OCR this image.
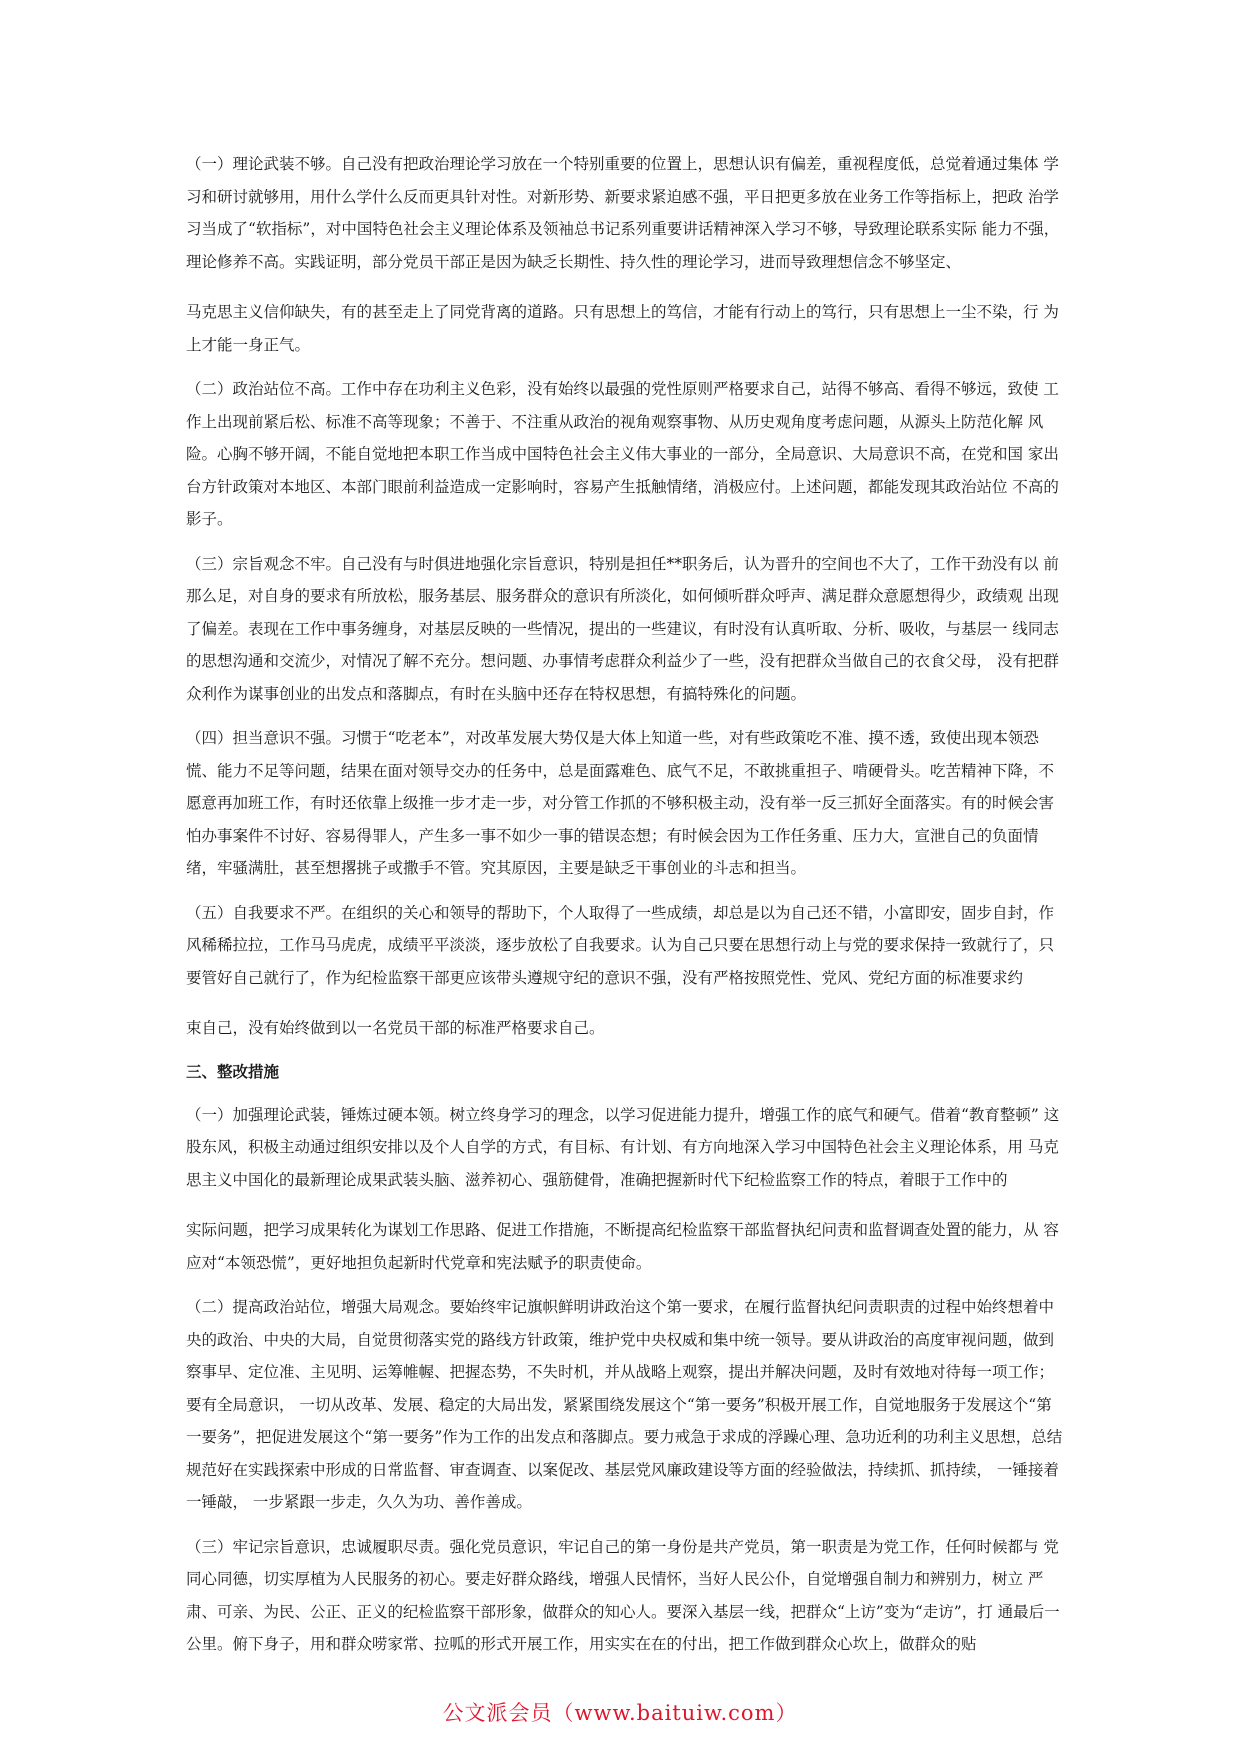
（一）理论武装不够。自己没有把政治理论学习放在一个特别重要的位置上，思想认识有偏差，重视程度低，总觉着通过集体 学习和研讨就够用，用什么学什么反而更具针对性。对新形势、新要求紧迫感不强，平日把更多放在业务工作等指标上，把政 治学习当成了“软指标”，对中国特色社会主义理论体系及领袖总书记系列重要讲话精神深入学习不够，导致理论联系实际 能力不强，理论修养不高。实践证明，部分党员干部正是因为缺乏长期性、持久性的理论学习，进而导致理想信念不够坚定、

马克思主义信仰缺失，有的甚至走上了同党背离的道路。只有思想上的笃信，才能有行动上的笃行，只有思想上一尘不染，行 为上才能一身正气。

（二）政治站位不高。工作中存在功利主义色彩，没有始终以最强的党性原则严格要求自己，站得不够高、看得不够远，致使 工作上出现前紧后松、标准不高等现象；不善于、不注重从政治的视角观察事物、从历史观角度考虑问题，从源头上防范化解 风险。心胸不够开阔，不能自觉地把本职工作当成中国特色社会主义伟大事业的一部分，全局意识、大局意识不高，在党和国 家出台方针政策对本地区、本部门眼前利益造成一定影响时，容易产生抵触情绪，消极应付。上述问题，都能发现其政治站位 不高的影子。

（三）宗旨观念不牢。自己没有与时俱进地强化宗旨意识，特别是担任**职务后，认为晋升的空间也不大了，工作干劲没有以 前那么足，对自身的要求有所放松，服务基层、服务群众的意识有所淡化，如何倾听群众呼声、满足群众意愿想得少，政绩观 出现了偏差。表现在工作中事务缠身，对基层反映的一些情况，提出的一些建议，有时没有认真听取、分析、吸收，与基层一 线同志的思想沟通和交流少，对情况了解不充分。想问题、办事情考虑群众利益少了一些，没有把群众当做自己的衣食父母， 没有把群众利作为谋事创业的出发点和落脚点，有时在头脑中还存在特权思想，有搞特殊化的问题。

（四）担当意识不强。习惯于“吃老本”，对改革发展大势仅是大体上知道一些，对有些政策吃不准、摸不透，致使出现本领恐慌、能力不足等问题，结果在面对领导交办的任务中，总是面露难色、底气不足，不敢挑重担子、啃硬骨头。吃苦精神下降，不愿意再加班工作，有时还依靠上级推一步才走一步，对分管工作抓的不够积极主动，没有举一反三抓好全面落实。有的时候会害怕办事案件不讨好、容易得罪人，产生多一事不如少一事的错误态想；有时候会因为工作任务重、压力大，宣泄自己的负面情绪，牢骚满肚，甚至想撂挑子或撒手不管。究其原因，主要是缺乏干事创业的斗志和担当。

（五）自我要求不严。在组织的关心和领导的帮助下，个人取得了一些成绩，却总是以为自己还不错，小富即安，固步自封，作风稀稀拉拉，工作马马虎虎，成绩平平淡淡，逐步放松了自我要求。认为自己只要在思想行动上与党的要求保持一致就行了，只要管好自己就行了，作为纪检监察干部更应该带头遵规守纪的意识不强，没有严格按照党性、党风、党纪方面的标准要求约

束自己，没有始终做到以一名党员干部的标准严格要求自己。

三、整改措施

（一）加强理论武装，锤炼过硬本领。树立终身学习的理念，以学习促进能力提升，增强工作的底气和硬气。借着“教育整顿” 这股东风，积极主动通过组织安排以及个人自学的方式，有目标、有计划、有方向地深入学习中国特色社会主义理论体系，用 马克思主义中国化的最新理论成果武装头脑、滋养初心、强筋健骨，准确把握新时代下纪检监察工作的特点，着眼于工作中的

实际问题，把学习成果转化为谋划工作思路、促进工作措施，不断提高纪检监察干部监督执纪问责和监督调查处置的能力，从 容应对“本领恐慌”，更好地担负起新时代党章和宪法赋予的职责使命。

（二）提高政治站位，增强大局观念。要始终牢记旗帜鲜明讲政治这个第一要求，在履行监督执纪问责职责的过程中始终想着中央的政治、中央的大局，自觉贯彻落实党的路线方针政策，维护党中央权威和集中统一领导。要从讲政治的高度审视问题，做到察事早、定位准、主见明、运筹帷幄、把握态势，不失时机，并从战略上观察，提出并解决问题，及时有效地对待每一项工作；要有全局意识， 一切从改革、发展、稳定的大局出发，紧紧围绕发展这个“第一要务”积极开展工作，自觉地服务于发展这个“第一要务”，把促进发展这个“第一要务”作为工作的出发点和落脚点。要力戒急于求成的浮躁心理、急功近利的功利主义思想，总结规范好在实践探索中形成的日常监督、审查调查、以案促改、基层党风廉政建设等方面的经验做法，持续抓、抓持续， 一锤接着一锤敲， 一步紧跟一步走，久久为功、善作善成。

（三）牢记宗旨意识，忠诚履职尽责。强化党员意识，牢记自己的第一身份是共产党员，第一职责是为党工作，任何时候都与 党同心同德，切实厚植为人民服务的初心。要走好群众路线，增强人民情怀，当好人民公仆，自觉增强自制力和辨别力，树立 严肃、可亲、为民、公正、正义的纪检监察干部形象，做群众的知心人。要深入基层一线，把群众“上访”变为“走访”，打 通最后一公里。俯下身子，用和群众唠家常、拉呱的形式开展工作，用实实在在的付出，把工作做到群众心坎上，做群众的贴

公文派会员（www.baituiw.com）
